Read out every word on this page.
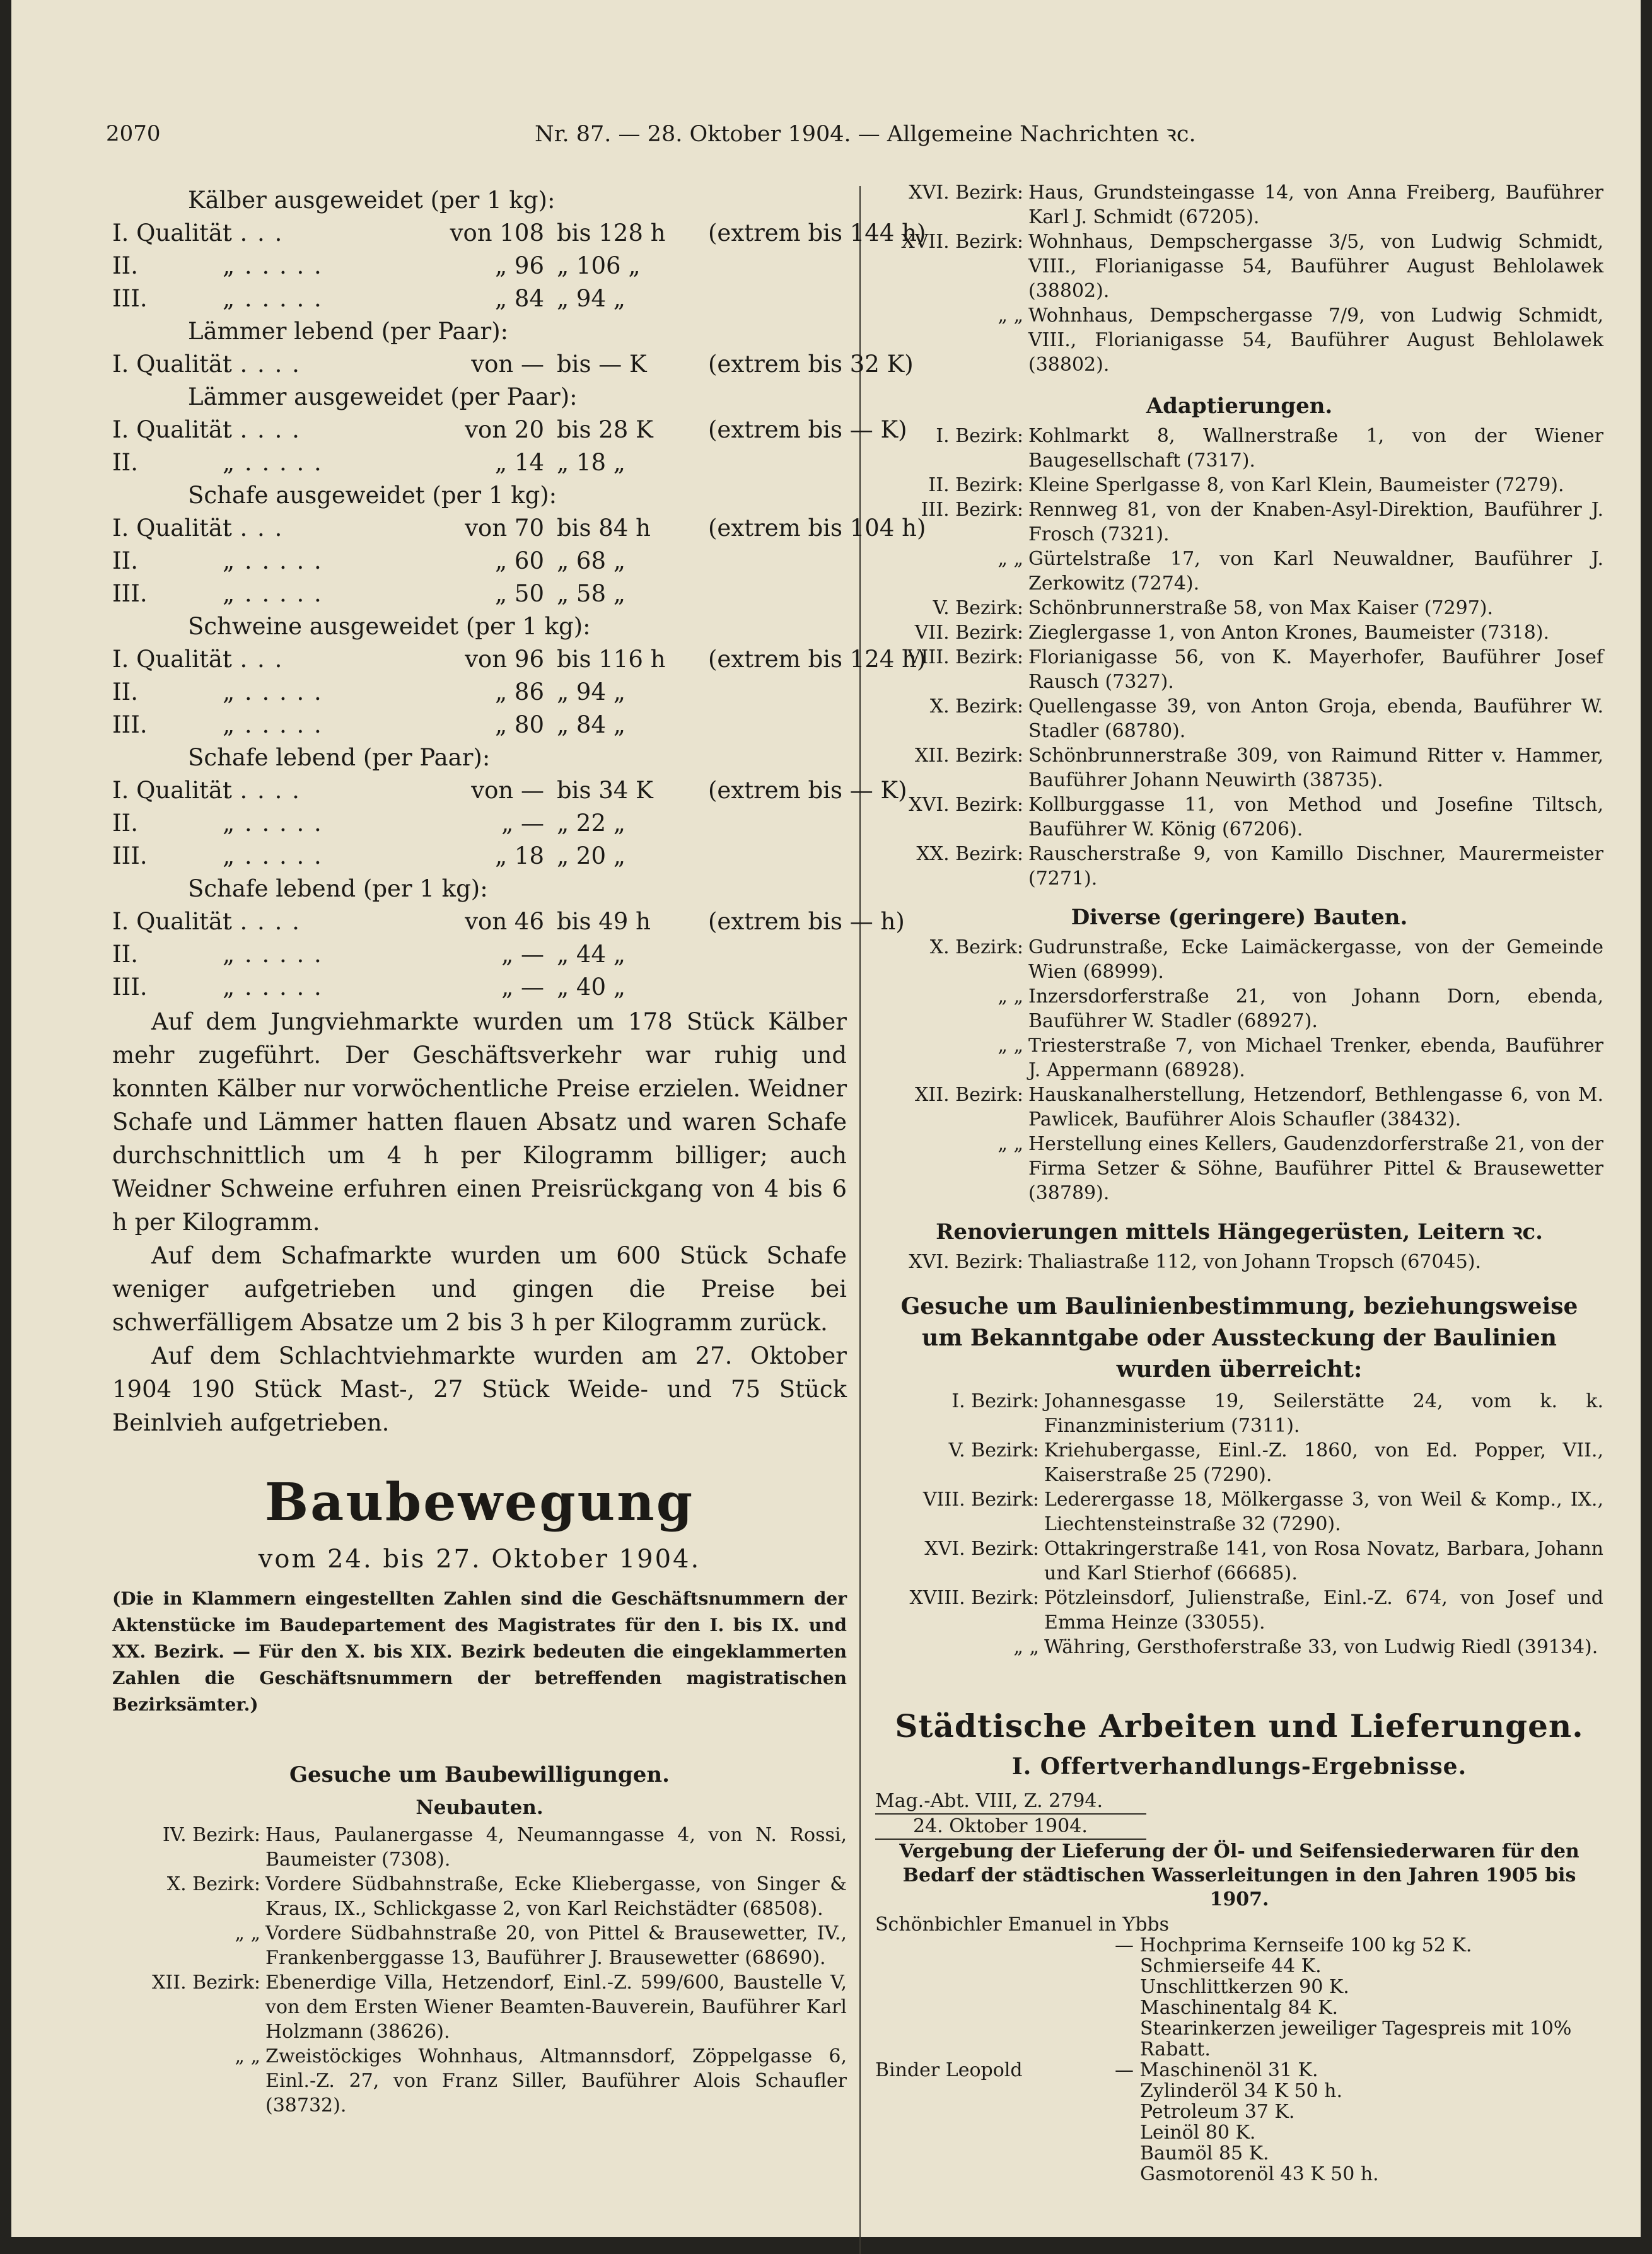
2070	Nr. 87. — 28. Oktober 1904. — Allgemeine Nachrichten ꝛc.
Kälber ausgeweidet (per 1 kg):
I. Qualität. . . .	von 108 bis 128 h (extrem bis 144 h)
II.	„ . . . . .	„ 96 „ 106 „
III.	„ . . . . .	„ 84 „ 94 „
Lämmer lebend (per Paar):
I. Qualität. . . . .	von — bis — K	(extrem bis 32 K)
Lämmer ausgeweidet (per Paar):
I. Qualität. . . . .	von 20 bis 28 K (extrem bis — K)
II.	„ . . . . .	„ 14 „ 18 „
Schafe ausgeweidet (per 1 kg):
I. Qualität. . . .	von 70 bis 84 h (extrem bis 104 h)
II.	„ . . . . .	„ 60 „ 68 „
III.	„ . . . . .	„ 50 „ 58 „
Schweine ausgeweidet (per 1 kg):
I. Qualität. . . .	von 96 bis 116 h (extrem bis 124 h)
II.	„ . . . . .	„ 86 „ 94 „
III.	„ . . . . .	„ 80 „ 84 „
Schafe lebend (per Paar):
I. Qualität. . . . .	von — bis 34 K (extrem bis — K)
II.	„ . . . . .	„ — „ 22 „
III.	„ . . . . .	„ 18 „ 20 „
Schafe lebend (per 1 kg):
I. Qualität. . . . .	von 46 bis 49 h (extrem bis — h)
II.	„ . . . . .	„ — „ 44 „
III.	„ . . . . .	„ — „ 40 „

Auf dem Jungviehmarkte wurden um 178 Stück Kälber mehr zugeführt. Der Geschäftsverkehr war ruhig und konnten Kälber nur vorwöchentliche Preise erzielen. Weidner Schafe und Lämmer hatten flauen Absatz und waren Schafe durchschnittlich um 4 h per Kilogramm billiger; auch Weidner Schweine erfuhren einen Preisrückgang von 4 bis 6 h per Kilogramm.

Auf dem Schafmarkte wurden um 600 Stück Schafe weniger aufgetrieben und gingen die Preise bei schwerfälligem Absatze um 2 bis 3 h per Kilogramm zurück.

Auf dem Schlachtviehmarkte wurden am 27. Oktober 1904 190 Stück Mast-, 27 Stück Weide- und 75 Stück Beinlvieh aufgetrieben.

Baubewegung
vom 24. bis 27. Oktober 1904.
(Die in Klammern eingestellten Zahlen sind die Geschäftsnummern der Aktenstücke im Baudepartement des Magistrates für den I. bis IX. und XX. Bezirk. — Für den X. bis XIX. Bezirk bedeuten die eingeklammerten Zahlen die Geschäftsnummern der betreffenden magistratischen Bezirksämter.)
Gesuche um Baubewilligungen.
Neubauten.
IV. Bezirk: Haus, Paulanergasse 4, Neumanngasse 4, von N. Rossi, Baumeister (7308).
X. Bezirk: Vordere Südbahnstraße, Ecke Kliebergasse, von Singer & Kraus, IX., Schlickgasse 2, von Karl Reichstädter (68508).
„ „ Vordere Südbahnstraße 20, von Pittel & Brausewetter, IV., Frankenberggasse 13, Bauführer J. Brausewetter (68690).
XII. Bezirk: Ebenerdige Villa, Hetzendorf, Einl.-Z. 599/600, Baustelle V, von dem Ersten Wiener Beamten-Bauverein, Bauführer Karl Holzmann (38626).
„ „ Zweistöckiges Wohnhaus, Altmannsdorf, Zöppelgasse 6, Einl.-Z. 27, von Franz Siller, Bauführer Alois Schaufler (38732).
XVI. Bezirk: Haus, Grundsteingasse 14, von Anna Freiberg, Bauführer Karl J. Schmidt (67205).
XVII. Bezirk: Wohnhaus, Dempschergasse 3/5, von Ludwig Schmidt, VIII., Florianigasse 54, Bauführer August Behlolawek (38802).
„ „ Wohnhaus, Dempschergasse 7/9, von Ludwig Schmidt, VIII., Florianigasse 54, Bauführer August Behlolawek (38802).
Adaptierungen.
I. Bezirk: Kohlmarkt 8, Wallnerstraße 1, von der Wiener Baugesellschaft (7317).
II. Bezirk: Kleine Sperlgasse 8, von Karl Klein, Baumeister (7279).
III. Bezirk: Rennweg 81, von der Knaben-Asyl-Direktion, Bauführer J. Frosch (7321).
„ „ Gürtelstraße 17, von Karl Neuwaldner, Bauführer J. Zerkowitz (7274).
V. Bezirk: Schönbrunnerstraße 58, von Max Kaiser (7297).
VII. Bezirk: Zieglergasse 1, von Anton Krones, Baumeister (7318).
VIII. Bezirk: Florianigasse 56, von K. Mayerhofer, Bauführer Josef Rausch (7327).
X. Bezirk: Quellengasse 39, von Anton Groja, ebenda, Bauführer W. Stadler (68780).
XII. Bezirk: Schönbrunnerstraße 309, von Raimund Ritter v. Hammer, Bauführer Johann Neuwirth (38735).
XVI. Bezirk: Kollburggasse 11, von Method und Josefine Tiltsch, Bauführer W. König (67206).
XX. Bezirk: Rauscherstraße 9, von Kamillo Dischner, Maurermeister (7271).
Diverse (geringere) Bauten.
X. Bezirk: Gudrunstraße, Ecke Laimäckergasse, von der Gemeinde Wien (68999).
„ „ Inzersdorferstraße 21, von Johann Dorn, ebenda, Bauführer W. Stadler (68927).
„ „ Triesterstraße 7, von Michael Trenker, ebenda, Bauführer J. Appermann (68928).
XII. Bezirk: Hauskanalherstellung, Hetzendorf, Bethlengasse 6, von M. Pawlicek, Bauführer Alois Schaufler (38432).
„ „ Herstellung eines Kellers, Gaudenzdorferstraße 21, von der Firma Setzer & Söhne, Bauführer Pittel & Brausewetter (38789).
Renovierungen mittels Hängegerüsten, Leitern ꝛc.
XVI. Bezirk: Thaliastraße 112, von Johann Tropsch (67045).
Gesuche um Baulinienbestimmung, beziehungsweise um Bekanntgabe oder Aussteckung der Baulinien wurden überreicht:
I. Bezirk: Johannesgasse 19, Seilerstätte 24, vom k. k. Finanzministerium (7311).
V. Bezirk: Kriehubergasse, Einl.-Z. 1860, von Ed. Popper, VII., Kaiserstraße 25 (7290).
VIII. Bezirk: Lederergasse 18, Mölkergasse 3, von Weil & Komp., IX., Liechtensteinstraße 32 (7290).
XVI. Bezirk: Ottakringerstraße 141, von Rosa Novatz, Barbara, Johann und Karl Stierhof (66685).
XVIII. Bezirk: Pötzleinsdorf, Julienstraße, Einl.-Z. 674, von Josef und Emma Heinze (33055).
„ „ Währing, Gersthoferstraße 33, von Ludwig Riedl (39134).
Städtische Arbeiten und Lieferungen.
I. Offertverhandlungs-Ergebnisse.
Mag.-Abt. VIII, Z. 2794.
24. Oktober 1904.
Vergebung der Lieferung der Öl- und Seifensiederwaren für den Bedarf der städtischen Wasserleitungen in den Jahren 1905 bis 1907.
Schönbichler Emanuel in Ybbs
— Hochprima Kernseife 100 kg 52 K.
Schmierseife 44 K.
Unschlittkerzen 90 K.
Maschinentalg 84 K.
Stearinkerzen jeweiliger Tagespreis mit 10% Rabatt.
Binder Leopold	— Maschinenöl 31 K.
Zylinderöl 34 K 50 h.
Petroleum 37 K.
Leinöl 80 K.
Baumöl 85 K.
Gasmotorenöl 43 K 50 h.
